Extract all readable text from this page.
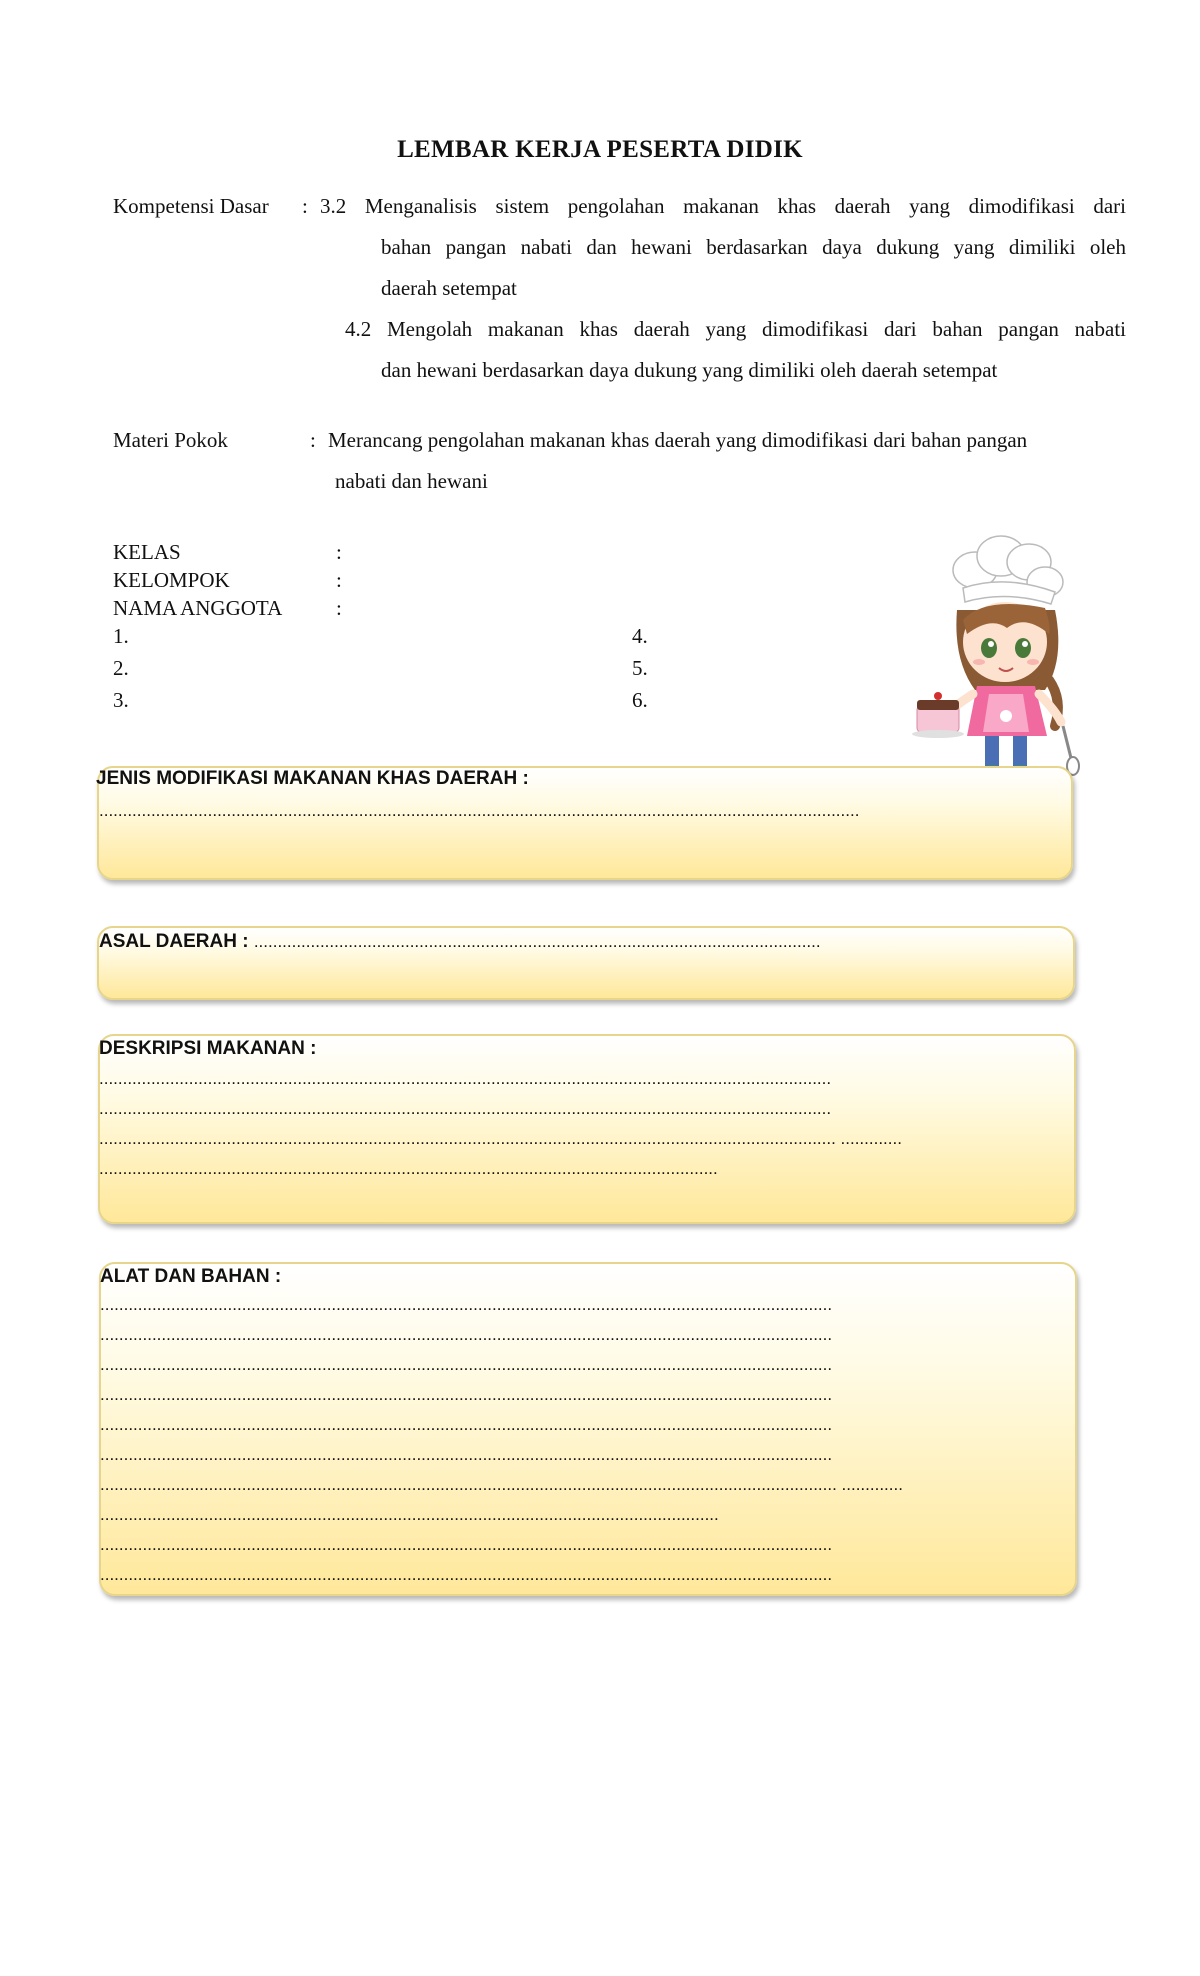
LEMBAR KERJA PESERTA DIDIK
Kompetensi Dasar : 3.2 Menganalisis sistem pengolahan makanan khas daerah yang dimodifikasi dari
bahan pangan nabati dan hewani berdasarkan daya dukung yang dimiliki oleh
daerah setempat
4.2 Mengolah makanan khas daerah yang dimodifikasi dari bahan pangan nabati
dan hewani berdasarkan daya dukung yang dimiliki oleh daerah setempat
Materi Pokok	: Merancang pengolahan makanan khas daerah yang dimodifikasi dari bahan pangan
nabati dan hewani
KELAS
KELOMPOK
NAMA ANGGOTA
:
:
:
1.
2.
3.
4.
5.
6.
JENIS MODIFIKASI MAKANAN KHAS DAERAH :
.................................................................................................................................................................
ASAL DAERAH : ........................................................................................................................
DESKRIPSI MAKANAN :
...........................................................................................................................................................
...........................................................................................................................................................
............................................................................................................................................................ .............
...................................................................................................................................
ALAT DAN BAHAN :
...........................................................................................................................................................
...........................................................................................................................................................
...........................................................................................................................................................
...........................................................................................................................................................
...........................................................................................................................................................
...........................................................................................................................................................
............................................................................................................................................................ .............
...................................................................................................................................
...........................................................................................................................................................
...........................................................................................................................................................
